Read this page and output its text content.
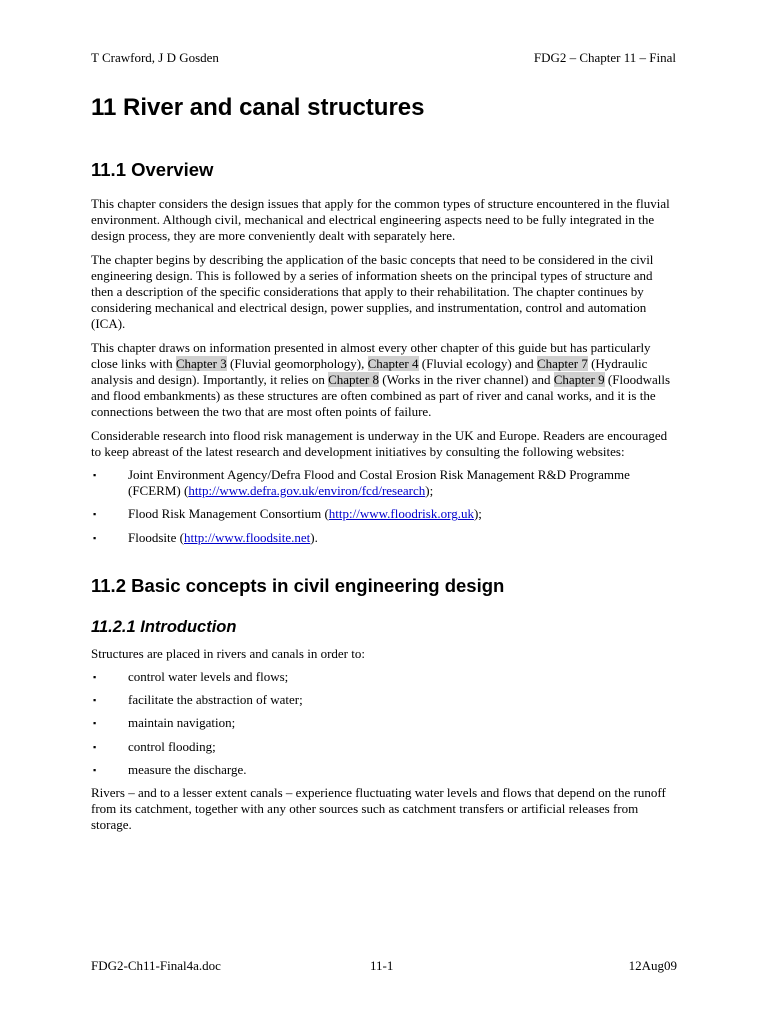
T Crawford, J D Gosden	FDG2 – Chapter 11 – Final
11 River and canal structures
11.1 Overview

This chapter considers the design issues that apply for the common types of structure encountered in the fluvial environment. Although civil, mechanical and electrical engineering aspects need to be fully integrated in the design process, they are more conveniently dealt with separately here.

The chapter begins by describing the application of the basic concepts that need to be considered in the civil engineering design. This is followed by a series of information sheets on the principal types of structure and then a description of the specific considerations that apply to their rehabilitation. The chapter continues by considering mechanical and electrical design, power supplies, and instrumentation, control and automation (ICA).

This chapter draws on information presented in almost every other chapter of this guide but has particularly close links with Chapter 3 (Fluvial geomorphology), Chapter 4 (Fluvial ecology) and Chapter 7 (Hydraulic analysis and design). Importantly, it relies on Chapter 8 (Works in the river channel) and Chapter 9 (Floodwalls and flood embankments) as these structures are often combined as part of river and canal works, and it is the connections between the two that are most often points of failure.

Considerable research into flood risk management is underway in the UK and Europe. Readers are encouraged to keep abreast of the latest research and development initiatives by consulting the following websites:

▪ Joint Environment Agency/Defra Flood and Costal Erosion Risk Management R&D Programme (FCERM) (http://www.defra.gov.uk/environ/fcd/research);
▪ Flood Risk Management Consortium (http://www.floodrisk.org.uk);
▪ Floodsite (http://www.floodsite.net).
11.2 Basic concepts in civil engineering design
11.2.1 Introduction

Structures are placed in rivers and canals in order to:

▪ control water levels and flows;
▪ facilitate the abstraction of water;
▪ maintain navigation;
▪ control flooding;
▪ measure the discharge.

Rivers – and to a lesser extent canals – experience fluctuating water levels and flows that depend on the runoff from its catchment, together with any other sources such as catchment transfers or artificial releases from storage.

FDG2-Ch11-Final4a.doc	11-1	12Aug09
